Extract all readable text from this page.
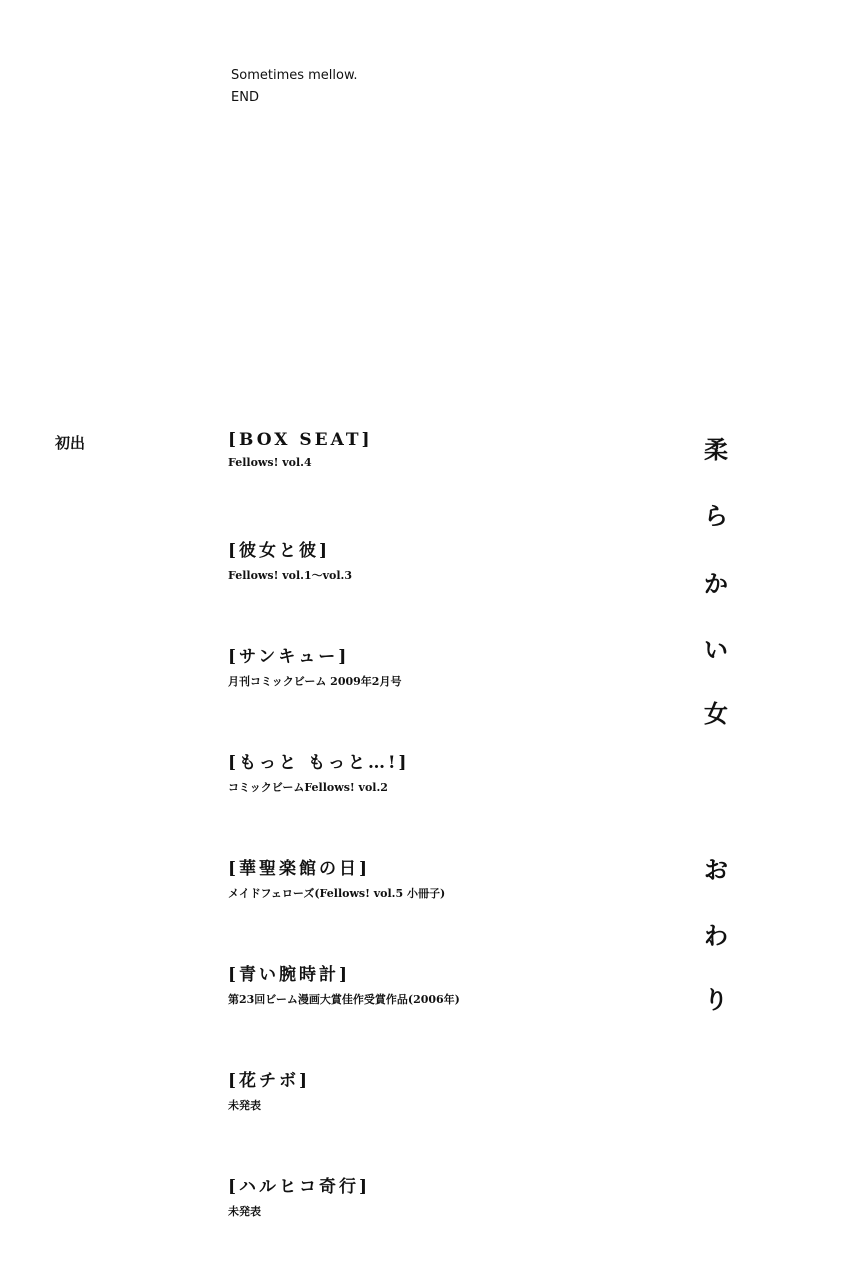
Sometimes mellow.
END
初出	[BOX SEAT]
Fellows! vol.4
[彼女と彼]
Fellows! vol.1～vol.3
[サンキュー]
月刊コミックビーム 2009年2月号
[もっと もっと…!]
コミックビームFellows! vol.2
[華聖楽館の日]
メイドフェローズ(Fellows! vol.5 小冊子)
[青い腕時計]
第23回ビーム漫画大賞佳作受賞作品(2006年)
[花チボ]
未発表
[ハルヒコ奇行]
未発表
柔
ら
か
い
女
お
わ
り
